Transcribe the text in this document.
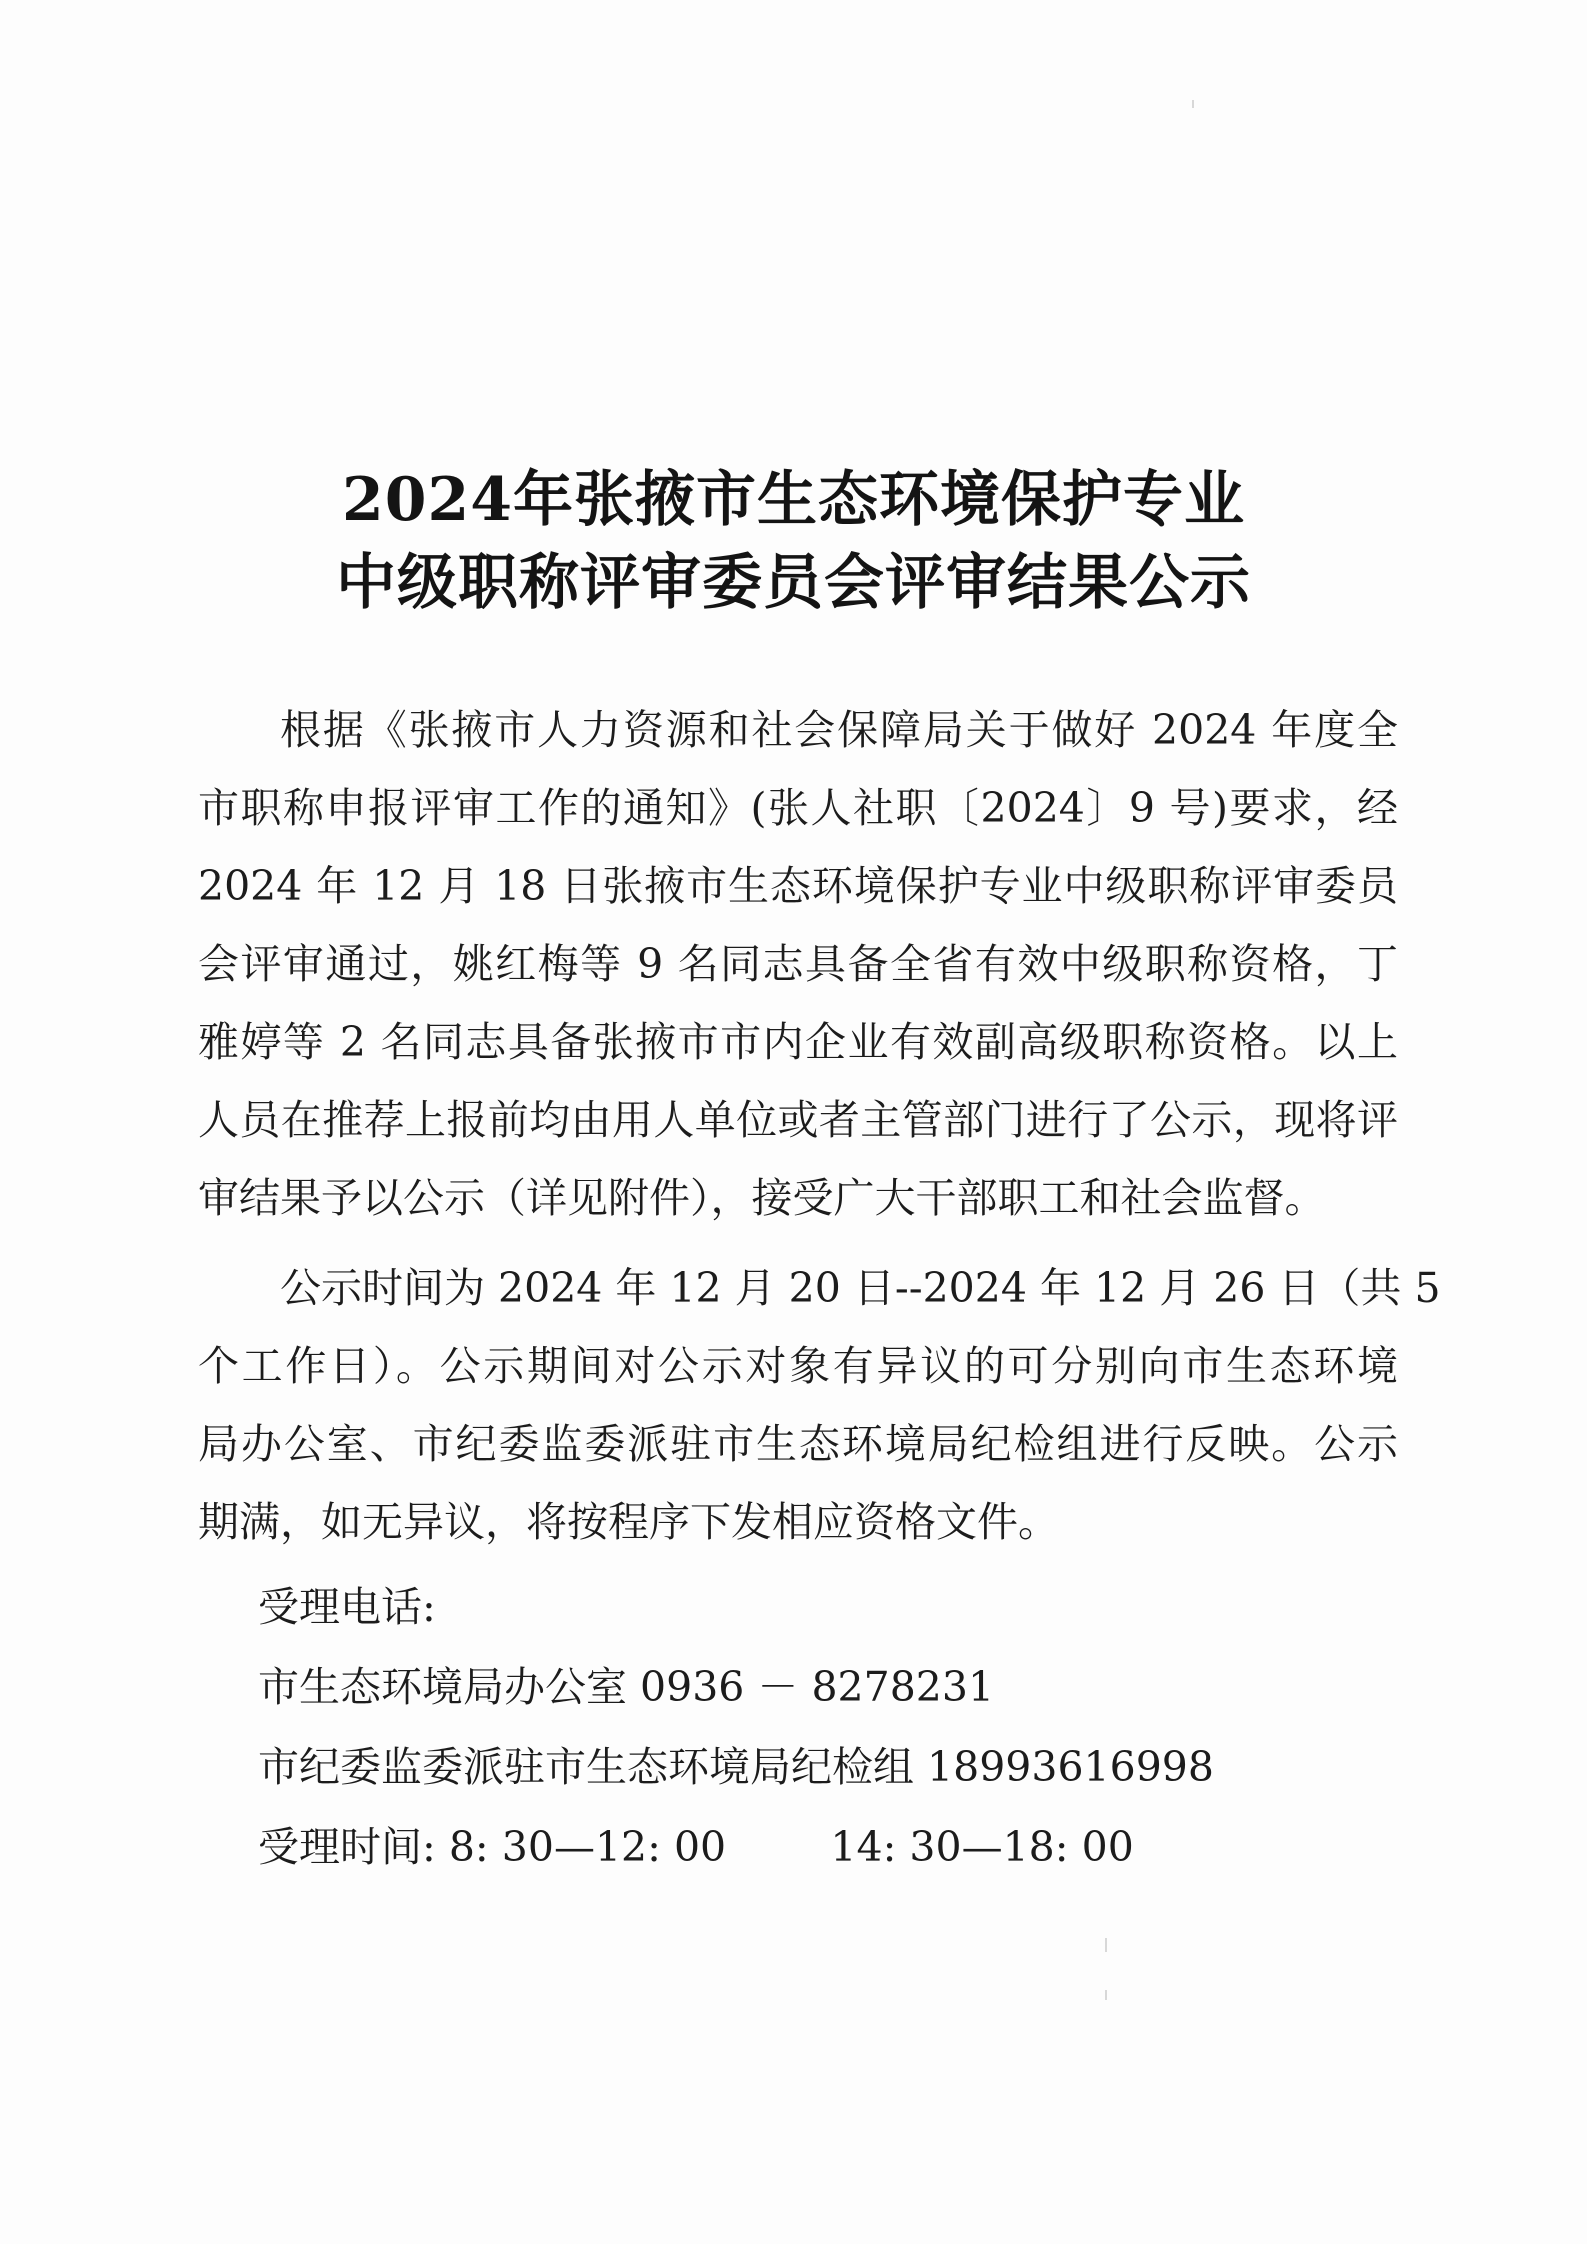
2024年张掖市生态环境保护专业
中级职称评审委员会评审结果公示
根据《张掖市人力资源和社会保障局关于做好 2024 年度全
市职称申报评审工作的通知》(张人社职〔2024〕9 号)要求，经
2024 年 12 月 18 日张掖市生态环境保护专业中级职称评审委员
会评审通过，姚红梅等 9 名同志具备全省有效中级职称资格，丁
雅婷等 2 名同志具备张掖市市内企业有效副高级职称资格。以上
人员在推荐上报前均由用人单位或者主管部门进行了公示，现将评
审结果予以公示（详见附件），接受广大干部职工和社会监督。
公示时间为 2024 年 12 月 20 日--2024 年 12 月 26 日（共 5
个工作日）。公示期间对公示对象有异议的可分别向市生态环境
局办公室、市纪委监委派驻市生态环境局纪检组进行反映。公示
期满，如无异议，将按程序下发相应资格文件。
受理电话:
市生态环境局办公室 0936 － 8278231
市纪委监委派驻市生态环境局纪检组 18993616998
受理时间: 8: 30—12: 00        14: 30—18: 00
